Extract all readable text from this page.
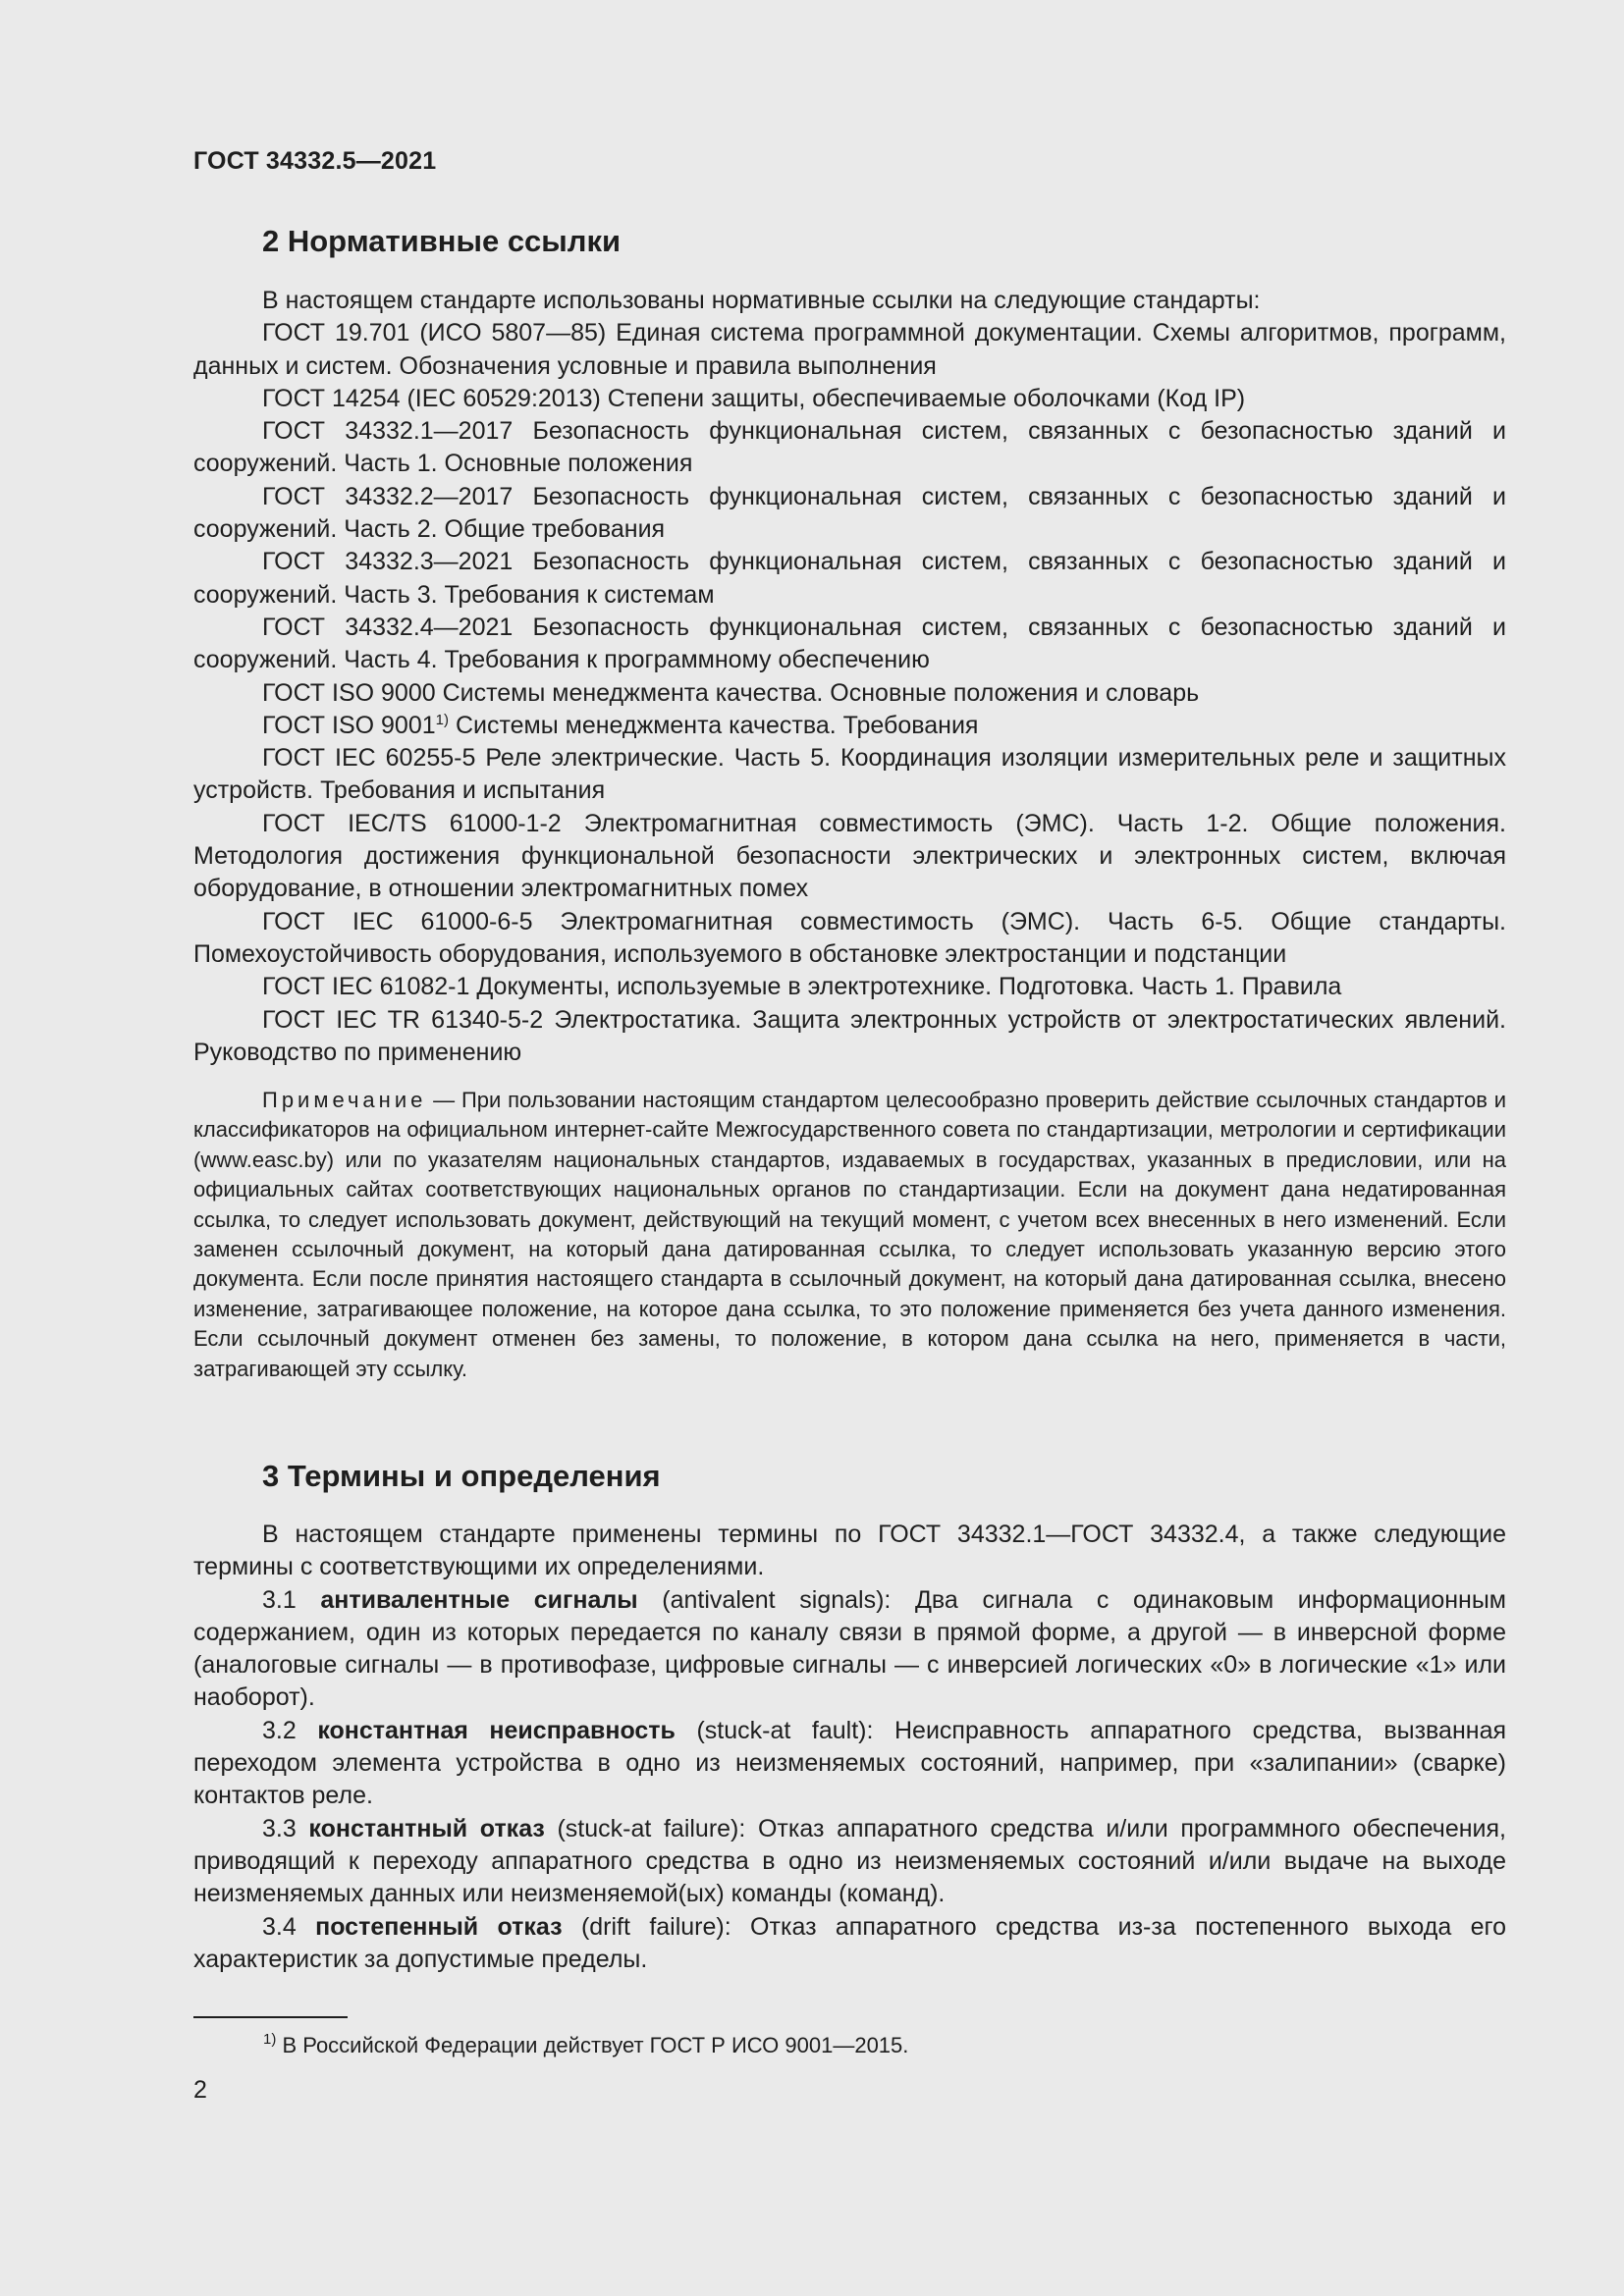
ГОСТ 34332.5—2021
2 Нормативные ссылки

В настоящем стандарте использованы нормативные ссылки на следующие стандарты:

ГОСТ 19.701 (ИСО 5807—85) Единая система программной документации. Схемы алгоритмов, программ, данных и систем. Обозначения условные и правила выполнения

ГОСТ 14254 (IEC 60529:2013) Степени защиты, обеспечиваемые оболочками (Код IP)

ГОСТ 34332.1—2017 Безопасность функциональная систем, связанных с безопасностью зданий и сооружений. Часть 1. Основные положения

ГОСТ 34332.2—2017 Безопасность функциональная систем, связанных с безопасностью зданий и сооружений. Часть 2. Общие требования

ГОСТ 34332.3—2021 Безопасность функциональная систем, связанных с безопасностью зданий и сооружений. Часть 3. Требования к системам

ГОСТ 34332.4—2021 Безопасность функциональная систем, связанных с безопасностью зданий и сооружений. Часть 4. Требования к программному обеспечению

ГОСТ ISO 9000 Системы менеджмента качества. Основные положения и словарь

ГОСТ ISO 9001$^{1)}$ Системы менеджмента качества. Требования

ГОСТ IEC 60255-5 Реле электрические. Часть 5. Координация изоляции измерительных реле и защитных устройств. Требования и испытания

ГОСТ IEC/TS 61000-1-2 Электромагнитная совместимость (ЭМС). Часть 1-2. Общие положения. Методология достижения функциональной безопасности электрических и электронных систем, включая оборудование, в отношении электромагнитных помех

ГОСТ IEC 61000-6-5 Электромагнитная совместимость (ЭМС). Часть 6-5. Общие стандарты. Помехоустойчивость оборудования, используемого в обстановке электростанции и подстанции

ГОСТ IEC 61082-1 Документы, используемые в электротехнике. Подготовка. Часть 1. Правила

ГОСТ IEC TR 61340-5-2 Электростатика. Защита электронных устройств от электростатических явлений. Руководство по применению

Примечание — При пользовании настоящим стандартом целесообразно проверить действие ссылочных стандартов и классификаторов на официальном интернет-сайте Межгосударственного совета по стандартизации, метрологии и сертификации (www.easc.by) или по указателям национальных стандартов, издаваемых в государствах, указанных в предисловии, или на официальных сайтах соответствующих национальных органов по стандартизации. Если на документ дана недатированная ссылка, то следует использовать документ, действующий на текущий момент, с учетом всех внесенных в него изменений. Если заменен ссылочный документ, на который дана датированная ссылка, то следует использовать указанную версию этого документа. Если после принятия настоящего стандарта в ссылочный документ, на который дана датированная ссылка, внесено изменение, затрагивающее положение, на которое дана ссылка, то это положение применяется без учета данного изменения. Если ссылочный документ отменен без замены, то положение, в котором дана ссылка на него, применяется в части, затрагивающей эту ссылку.
3 Термины и определения

В настоящем стандарте применены термины по ГОСТ 34332.1—ГОСТ 34332.4, а также следующие термины с соответствующими их определениями.

3.1 антивалентные сигналы (antivalent signals): Два сигнала с одинаковым информационным содержанием, один из которых передается по каналу связи в прямой форме, а другой — в инверсной форме (аналоговые сигналы — в противофазе, цифровые сигналы — с инверсией логических «0» в логические «1» или наоборот).

3.2 константная неисправность (stuck-at fault): Неисправность аппаратного средства, вызванная переходом элемента устройства в одно из неизменяемых состояний, например, при «залипании» (сварке) контактов реле.

3.3 константный отказ (stuck-at failure): Отказ аппаратного средства и/или программного обеспечения, приводящий к переходу аппаратного средства в одно из неизменяемых состояний и/или выдаче на выходе неизменяемых данных или неизменяемой(ых) команды (команд).

3.4 постепенный отказ (drift failure): Отказ аппаратного средства из-за постепенного выхода его характеристик за допустимые пределы.

$^{1)}$ В Российской Федерации действует ГОСТ Р ИСО 9001—2015.
2
